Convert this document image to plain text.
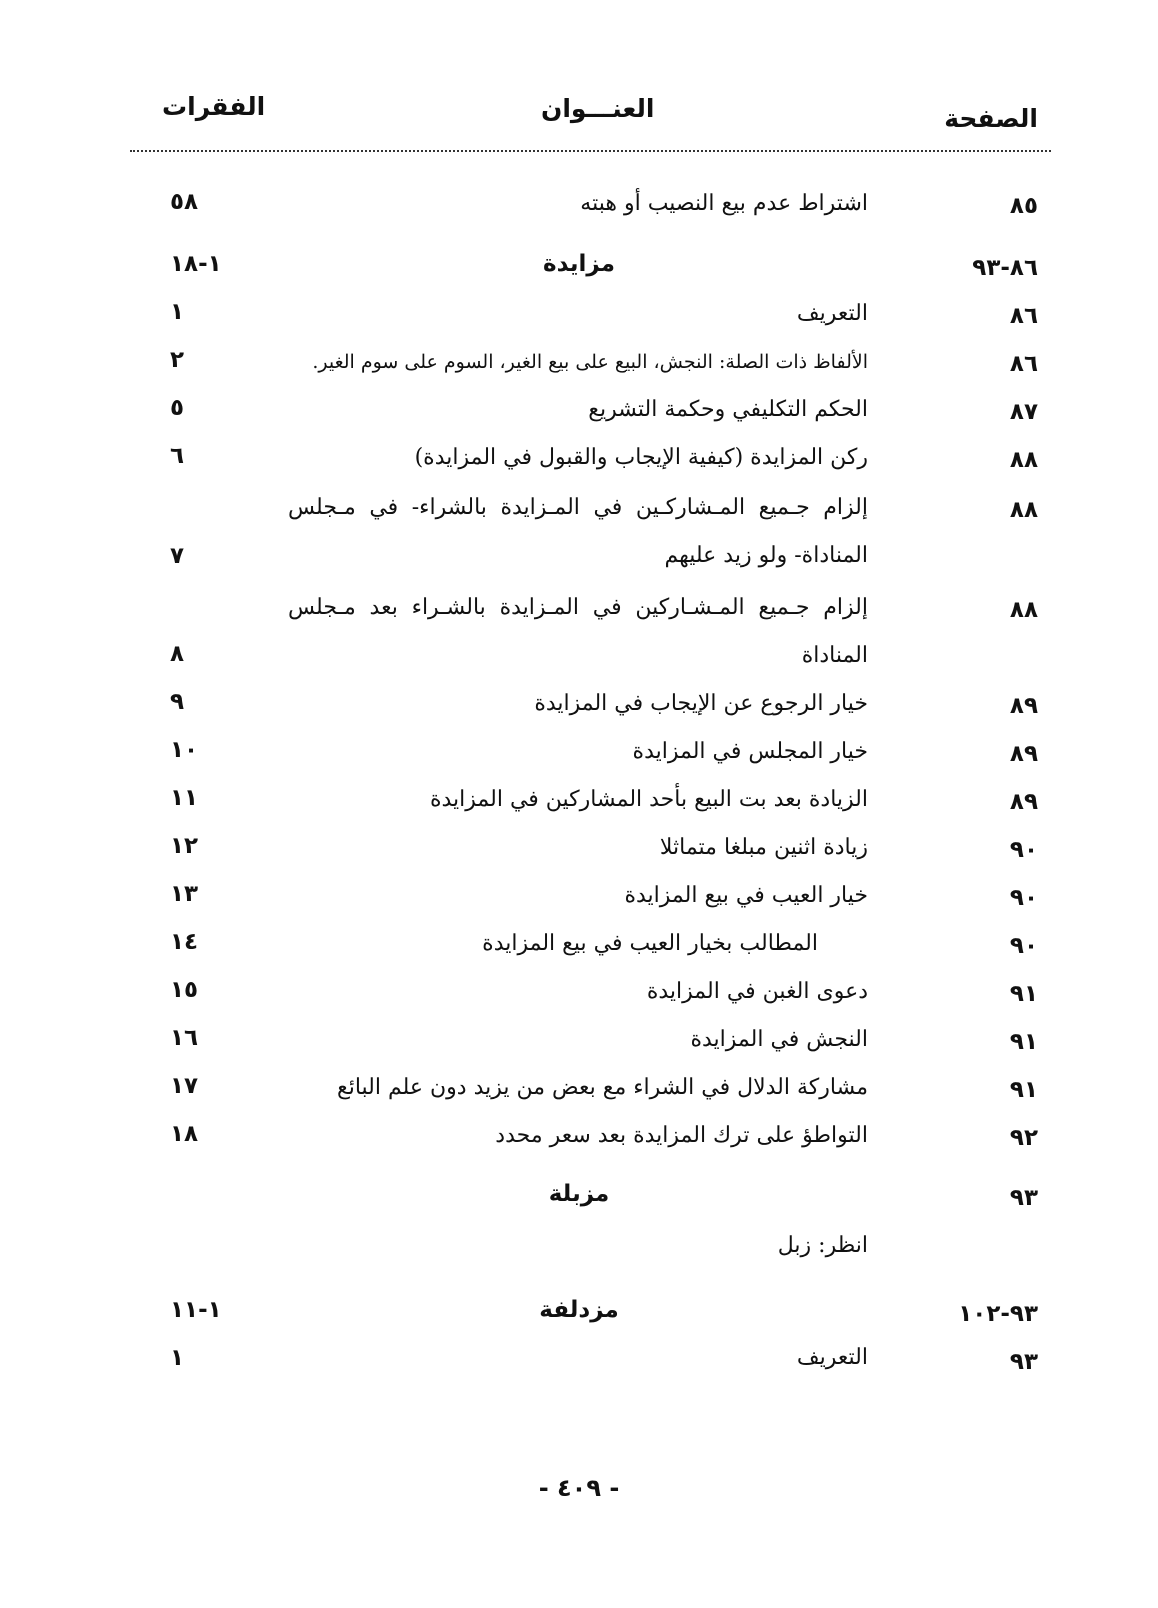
الصفحة
العنـــوان
الفقرات
٨٥
اشتراط عدم بيع النصيب أو هبته
٥٨
٨٦-٩٣
مزايدة
١-١٨
٨٦
التعريف
١
٨٦
الألفاظ ذات الصلة: النجش، البيع على بيع الغير، السوم على سوم الغير.
٢
٨٧
الحكم التكليفي وحكمة التشريع
٥
٨٨
ركن المزايدة (كيفية الإيجاب والقبول في المزايدة)
٦
٨٨
إلزام جـميع المـشاركـين في المـزايدة بالشراء- في مـجلس المناداة- ولو زيد عليهم
٧
٨٨
إلزام جـميع المـشـاركين في المـزايدة بالشـراء بعد مـجلس المناداة
٨
٨٩
خيار الرجوع عن الإيجاب في المزايدة
٩
٨٩
خيار المجلس في المزايدة
١٠
٨٩
الزيادة بعد بت البيع بأحد المشاركين في المزايدة
١١
٩٠
زيادة اثنين مبلغا متماثلا
١٢
٩٠
خيار العيب في بيع المزايدة
١٣
٩٠
المطالب بخيار العيب في بيع المزايدة
١٤
٩١
دعوى الغبن في المزايدة
١٥
٩١
النجش في المزايدة
١٦
٩١
مشاركة الدلال في الشراء مع بعض من يزيد دون علم البائع
١٧
٩٢
التواطؤ على ترك المزايدة بعد سعر محدد
١٨
٩٣
مزبلة
انظر: زبل
٩٣-١٠٢
مزدلفة
١-١١
٩٣
التعريف
١
- ٤٠٩ -
